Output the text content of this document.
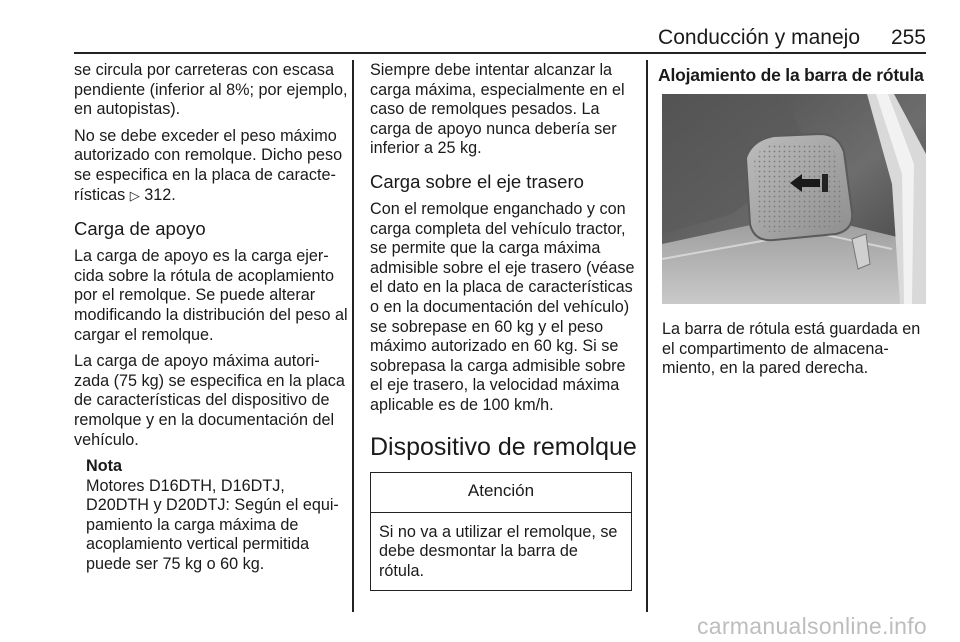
Conducción y manejo	255

se circula por carreteras con escasa pendiente (inferior al 8%; por ejemplo, en autopistas).

No se debe exceder el peso máximo autorizado con remolque. Dicho peso se especifica en la placa de características ▷ 312.

Carga de apoyo

La carga de apoyo es la carga ejercida sobre la rótula de acoplamiento por el remolque. Se puede alterar modificando la distribución del peso al cargar el remolque.

La carga de apoyo máxima autorizada (75 kg) se especifica en la placa de características del dispositivo de remolque y en la documentación del vehículo.

Nota
Motores D16DTH, D16DTJ, D20DTH y D20DTJ: Según el equipamiento la carga máxima de acoplamiento vertical permitida puede ser 75 kg o 60 kg.

Siempre debe intentar alcanzar la carga máxima, especialmente en el caso de remolques pesados. La carga de apoyo nunca debería ser inferior a 25 kg.

Carga sobre el eje trasero

Con el remolque enganchado y con carga completa del vehículo tractor, se permite que la carga máxima admisible sobre el eje trasero (véase el dato en la placa de características o en la documentación del vehículo) se sobrepase en 60 kg y el peso máximo autorizado en 60 kg. Si se sobrepasa la carga admisible sobre el eje trasero, la velocidad máxima aplicable es de 100 km/h.

Dispositivo de remolque
Atención
Si no va a utilizar el remolque, se debe desmontar la barra de rótula.
Alojamiento de la barra de rótula

La barra de rótula está guardada en el compartimento de almacenamiento, en la pared derecha.

carmanualsonline.info
